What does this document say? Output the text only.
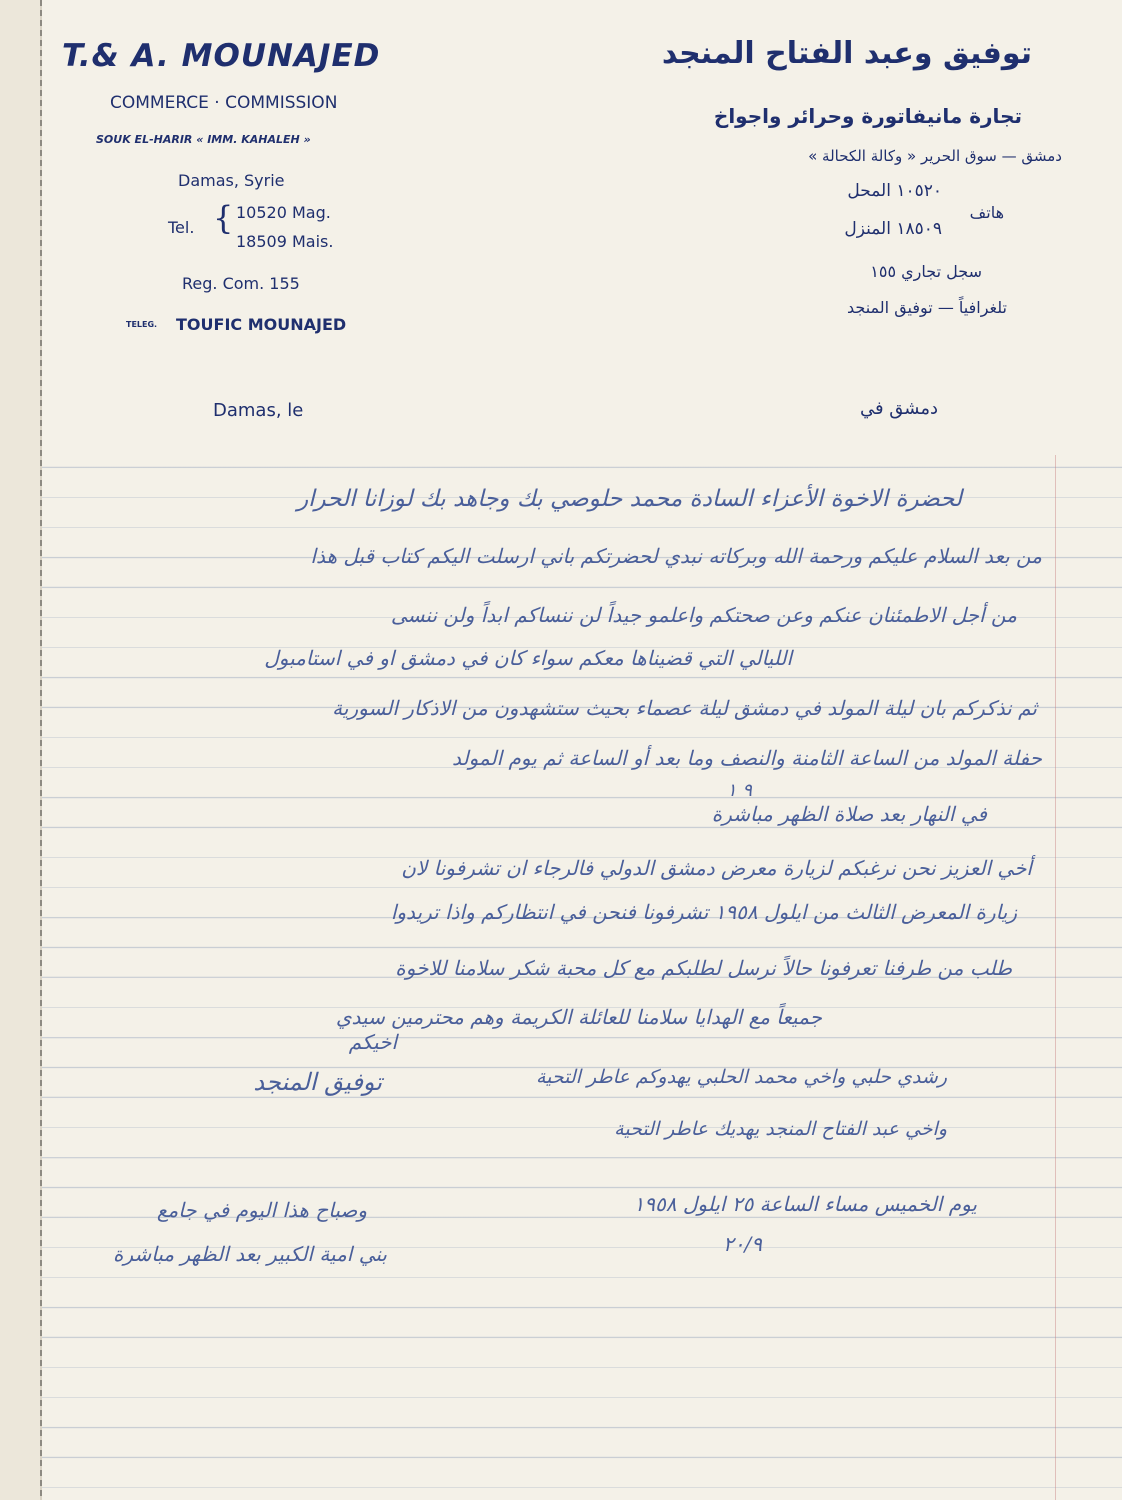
T.& A. MOUNAJED
COMMERCE · COMMISSION
SOUK EL-HARIR « IMM. KAHALEH »
Damas, Syrie
Tel. { 10520 Mag.
18509 Mais.
Reg. Com. 155
TELEG. TOUFIC MOUNAJED
Damas, le
توفيق وعبد الفتاح المنجد
تجارة مانيفاتورة وحرائر واجواخ
دمشق — سوق الحرير « وكالة الكحالة »
١٠٥٢٠ المحل
١٨٥٠٩ المنزل
هاتف
سجل تجاري ١٥٥
تلغرافياً — توفيق المنجد
دمشق في
لحضرة الاخوة الأعزاء السادة محمد حلوصي بك وجاهد بك لوزانا الحرار
من بعد السلام عليكم ورحمة الله وبركاته نبدي لحضرتكم باني ارسلت اليكم كتاب قبل هذا
من أجل الاطمئنان عنكم وعن صحتكم واعلمو جيداً لن ننساكم ابداً ولن ننسى
الليالي التي قضيناها معكم سواء كان في دمشق او في استامبول
ثم نذكركم بان ليلة المولد في دمشق ليلة عصماء بحيث ستشهدون من الاذكار السورية
حفلة المولد من الساعة الثامنة والنصف وما بعد أو الساعة ثم يوم المولد
٩ ١
في النهار بعد صلاة الظهر مباشرة
أخي العزيز نحن نرغبكم لزيارة معرض دمشق الدولي فالرجاء ان تشرفونا لان
زيارة المعرض الثالث من ايلول ١٩٥٨ تشرفونا فنحن في انتظاركم واذا تريدوا
طلب من طرفنا تعرفونا حالاً نرسل لطلبكم مع كل محبة شكر سلامنا للاخوة
جميعاً مع الهدايا سلامنا للعائلة الكريمة وهم محترمين سيدي
اخيكم
توفيق المنجد	رشدي حلبي واخي محمد الحلبي يهدوكم عاطر التحية
واخي عبد الفتاح المنجد يهديك عاطر التحية
يوم الخميس مساء الساعة ٢٥ ايلول ١٩٥٨
٢٠/٩
وصباح هذا اليوم في جامع
بني امية الكبير بعد الظهر مباشرة
